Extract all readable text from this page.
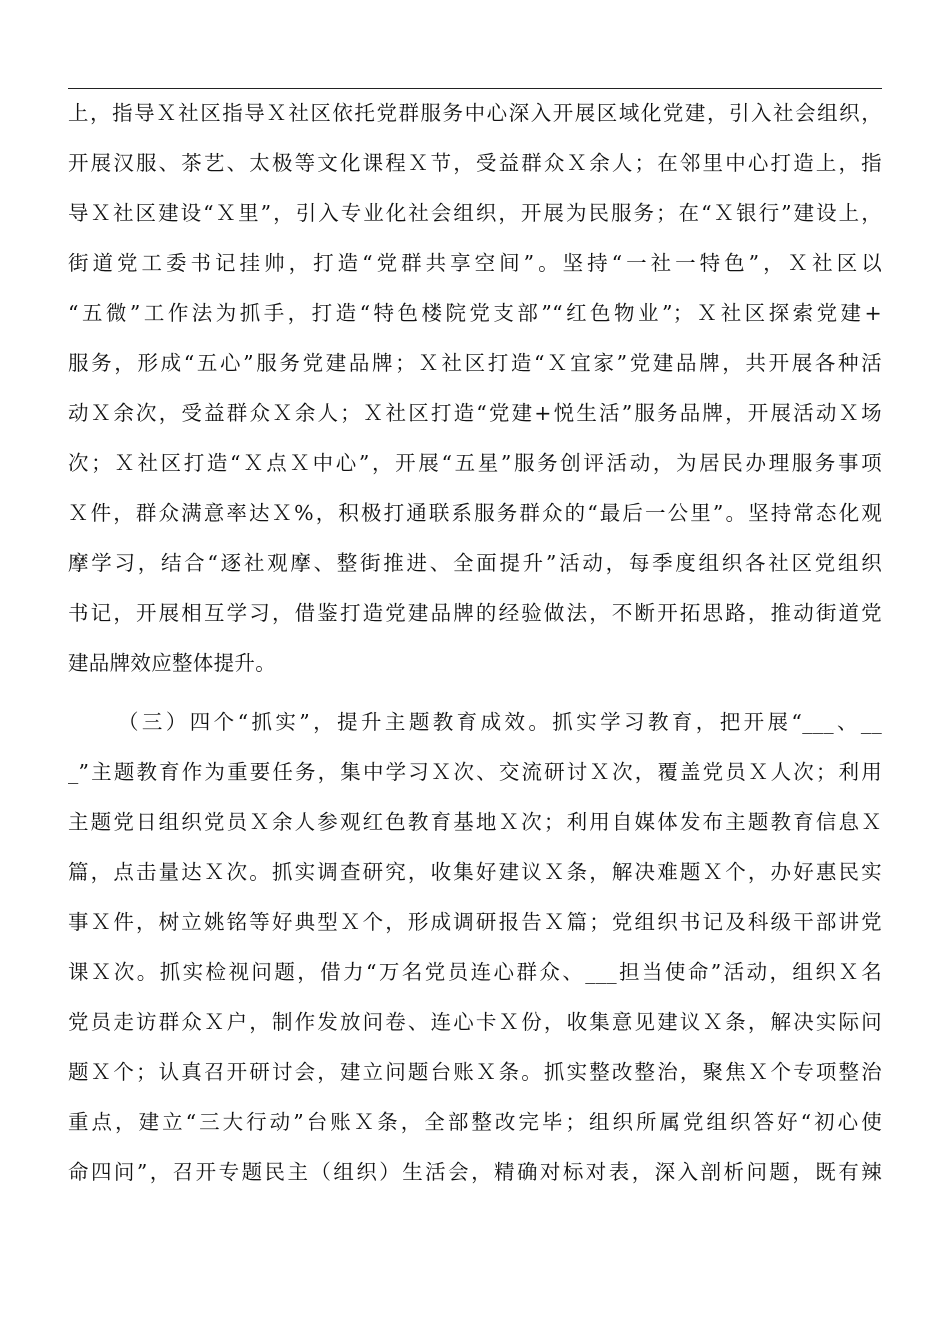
上，指导Ｘ社区指导Ｘ社区依托党群服务中心深入开展区域化党建，引入社会组织，
开展汉服、茶艺、太极等文化课程Ｘ节，受益群众Ｘ余人；在邻里中心打造上，指
导Ｘ社区建设“Ｘ里”，引入专业化社会组织，开展为民服务；在“Ｘ银行”建设上，
街道党工委书记挂帅，打造“党群共享空间”。坚持“一社一特色”，Ｘ社区以
“五微”工作法为抓手，打造“特色楼院党支部”“红色物业”；Ｘ社区探索党建+
服务，形成“五心”服务党建品牌；Ｘ社区打造“Ｘ宜家”党建品牌，共开展各种活
动Ｘ余次，受益群众Ｘ余人；Ｘ社区打造“党建+悦生活”服务品牌，开展活动Ｘ场
次；Ｘ社区打造“Ｘ点Ｘ中心”，开展“五星”服务创评活动，为居民办理服务事项
Ｘ件，群众满意率达Ｘ%，积极打通联系服务群众的“最后一公里”。坚持常态化观
摩学习，结合“逐社观摩、整街推进、全面提升”活动，每季度组织各社区党组织
书记，开展相互学习，借鉴打造党建品牌的经验做法，不断开拓思路，推动街道党
建品牌效应整体提升。
（三）四个“抓实”，提升主题教育成效。抓实学习教育，把开展“___、__
_”主题教育作为重要任务，集中学习Ｘ次、交流研讨Ｘ次，覆盖党员Ｘ人次；利用
主题党日组织党员Ｘ余人参观红色教育基地Ｘ次；利用自媒体发布主题教育信息Ｘ
篇，点击量达Ｘ次。抓实调查研究，收集好建议Ｘ条，解决难题Ｘ个，办好惠民实
事Ｘ件，树立姚铭等好典型Ｘ个，形成调研报告Ｘ篇；党组织书记及科级干部讲党
课Ｘ次。抓实检视问题，借力“万名党员连心群众、___担当使命”活动，组织Ｘ名
党员走访群众Ｘ户，制作发放问卷、连心卡Ｘ份，收集意见建议Ｘ条，解决实际问
题Ｘ个；认真召开研讨会，建立问题台账Ｘ条。抓实整改整治，聚焦Ｘ个专项整治
重点，建立“三大行动”台账Ｘ条，全部整改完毕；组织所属党组织答好“初心使
命四问”，召开专题民主（组织）生活会，精确对标对表，深入剖析问题，既有辣
